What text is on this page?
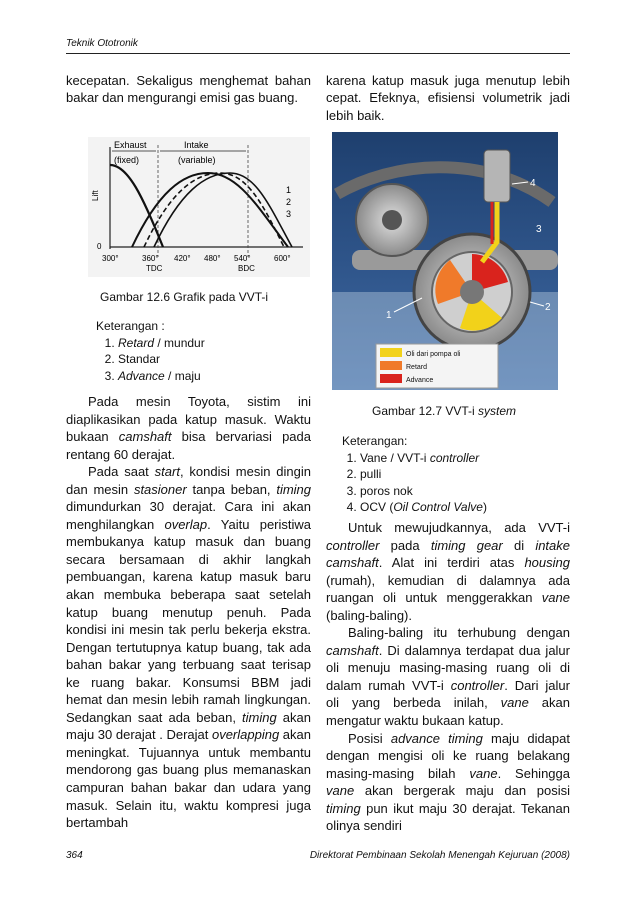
Teknik Ototronik

kecepatan. Sekaligus menghemat bahan bakar dan mengurangi emisi gas buang.

karena katup masuk juga menutup lebih cepat. Efeknya, efisiensi volumetrik jadi lebih baik.

Exhaust
(fixed)
Intake
(variable)
Lift
0
1
2
3
300°	360° 420° 480° 540°	600°
TDC	BDC
Gambar 12.6 Grafik pada VVT-i
Keterangan :
1. Retard / mundur
2. Standar
3. Advance / maju
1
2
3
4
Oli dari pompa oli
Retard
Advance
Gambar 12.7 VVT-i system
Keterangan:
1. Vane / VVT-i controller
2. pulli
3. poros nok
4. OCV (Oil Control Valve)

Pada mesin Toyota, sistim ini diaplikasikan pada katup masuk. Waktu bukaan camshaft bisa bervariasi pada rentang 60 derajat.

Pada saat start, kondisi mesin dingin dan mesin stasioner tanpa beban, timing dimundurkan 30 derajat. Cara ini akan menghilangkan overlap. Yaitu peristiwa membukanya katup masuk dan buang secara bersamaan di akhir langkah pembuangan, karena katup masuk baru akan membuka beberapa saat setelah katup buang menutup penuh. Pada kondisi ini mesin tak perlu bekerja ekstra. Dengan tertutupnya katup buang, tak ada bahan bakar yang terbuang saat terisap ke ruang bakar. Konsumsi BBM jadi hemat dan mesin lebih ramah lingkungan. Sedangkan saat ada beban, timing akan maju 30 derajat . Derajat overlapping akan meningkat. Tujuannya untuk membantu mendorong gas buang plus memanaskan campuran bahan bakar dan udara yang masuk. Selain itu, waktu kompresi juga bertambah

Untuk mewujudkannya, ada VVT-i controller pada timing gear di intake camshaft. Alat ini terdiri atas housing (rumah), kemudian di dalamnya ada ruangan oli untuk menggerakkan vane (baling-baling).

Baling-baling itu terhubung dengan camshaft. Di dalamnya terdapat dua jalur oli menuju masing-masing ruang oli di dalam rumah VVT-i controller. Dari jalur oli yang berbeda inilah, vane akan mengatur waktu bukaan katup.

Posisi advance timing maju didapat dengan mengisi oli ke ruang belakang masing-masing bilah vane. Sehingga vane akan bergerak maju dan posisi timing pun ikut maju 30 derajat. Tekanan olinya sendiri

364	Direktorat Pembinaan Sekolah Menengah Kejuruan (2008)
